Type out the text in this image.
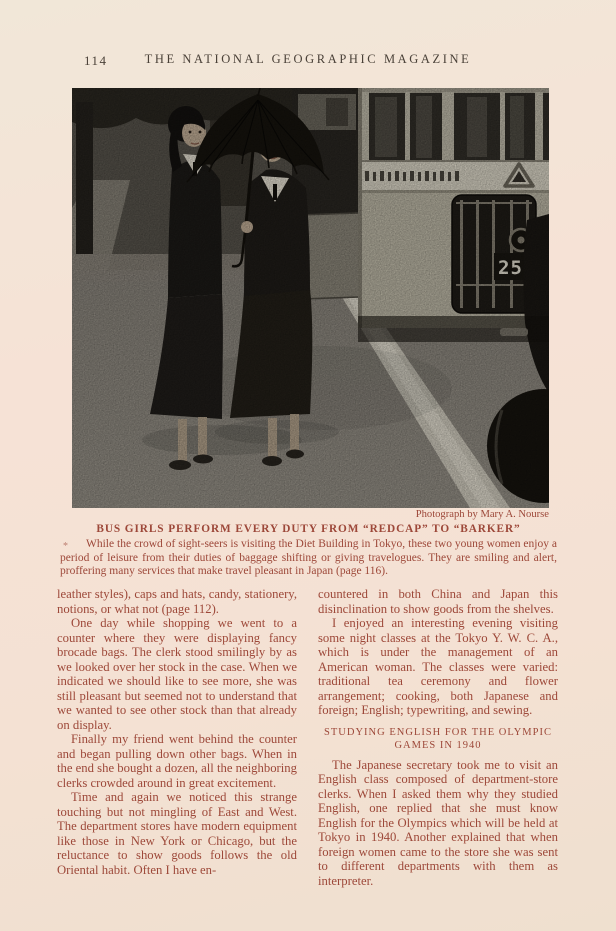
114	THE NATIONAL GEOGRAPHIC MAGAZINE
Photograph by Mary A. Nourse
BUS GIRLS PERFORM EVERY DUTY FROM “REDCAP” TO “BARKER”
*	While the crowd of sight-seers is visiting the Diet Building in Tokyo, these two young women enjoy a period of leisure from their duties of baggage shifting or giving travelogues. They are smiling and alert, proffering many services that make travel pleasant in Japan (page 116).

leather styles), caps and hats, candy, stationery, notions, or what not (page 112).

One day while shopping we went to a counter where they were displaying fancy brocade bags. The clerk stood smilingly by as we looked over her stock in the case. When we indicated we should like to see more, she was still pleasant but seemed not to understand that we wanted to see other stock than that already on display.

Finally my friend went behind the counter and began pulling down other bags. When in the end she bought a dozen, all the neighboring clerks crowded around in great excitement.

Time and again we noticed this strange touching but not mingling of East and West. The department stores have modern equipment like those in New York or Chicago, but the reluctance to show goods follows the old Oriental habit. Often I have en-

countered in both China and Japan this disinclination to show goods from the shelves.

I enjoyed an interesting evening visiting some night classes at the Tokyo Y. W. C. A., which is under the management of an American woman. The classes were varied: traditional tea ceremony and flower arrangement; cooking, both Japanese and foreign; English; typewriting, and sewing.

STUDYING ENGLISH FOR THE OLYMPIC
GAMES IN 1940

The Japanese secretary took me to visit an English class composed of department-store clerks. When I asked them why they studied English, one replied that she must know English for the Olympics which will be held at Tokyo in 1940. Another explained that when foreign women came to the store she was sent to different departments with them as interpreter.
